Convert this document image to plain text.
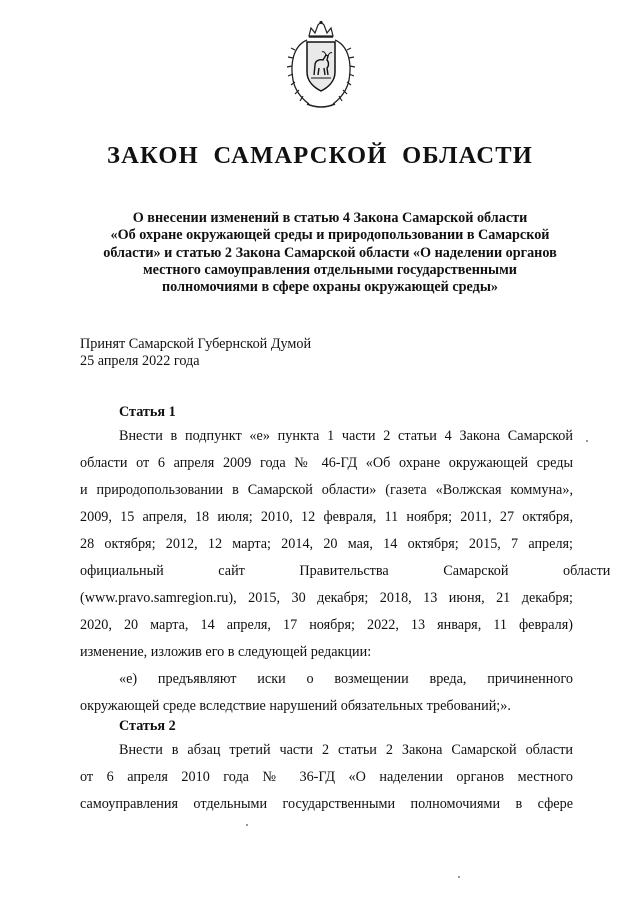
ЗАКОН  САМАРСКОЙ  ОБЛАСТИ
О внесении изменений в статью 4 Закона Самарской области
«Об охране окружающей среды и природопользовании в Самарской
области» и статью 2 Закона Самарской области «О наделении органов
местного самоуправления отдельными государственными
полномочиями в сфере охраны окружающей среды»
Принят Самарской Губернской Думой
25 апреля 2022 года
Статья 1
Внести в подпункт «е» пункта 1 части 2 статьи 4 Закона Самарской
области от 6 апреля 2009 года № 46-ГД «Об охране окружающей среды
и природопользовании в Самарской области» (газета «Волжская коммуна»,
2009, 15 апреля, 18 июля; 2010, 12 февраля, 11 ноября; 2011, 27 октября,
28 октября; 2012, 12 марта; 2014, 20 мая, 14 октября; 2015, 7 апреля;
официальный сайт Правительства Самарской области
(www.pravo.samregion.ru), 2015, 30 декабря; 2018, 13 июня, 21 декабря;
2020, 20 марта, 14 апреля, 17 ноября; 2022, 13 января, 11 февраля)
изменение, изложив его в следующей редакции:
«е) предъявляют иски о возмещении вреда, причиненного
окружающей среде вследствие нарушений обязательных требований;».
Статья 2
Внести в абзац третий части 2 статьи 2 Закона Самарской области
от 6 апреля 2010 года № 36-ГД «О наделении органов местного
самоуправления отдельными государственными полномочиями в сфере
